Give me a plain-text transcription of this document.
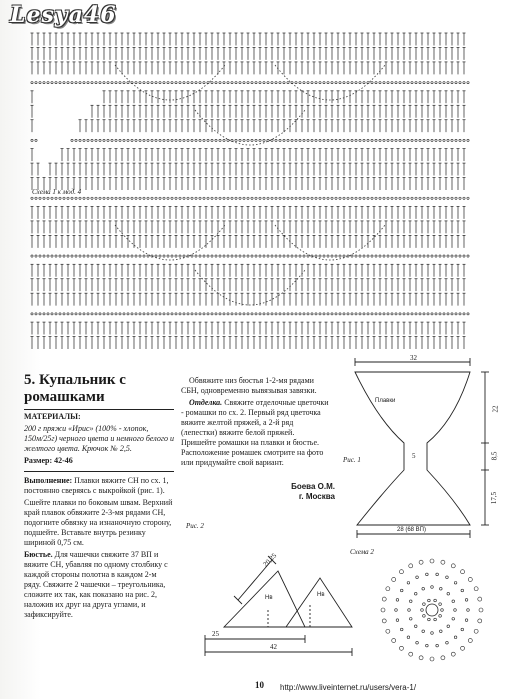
Lesya46
Схема 1 к мод. 4
5. Купальник с ромашками

МАТЕРИАЛЫ:

200 г пряжи «Ирис» (100% - хлопок, 150м/25г) черного цвета и немного белого и желтого цвета. Крючок № 2,5.

Размер: 42-46

Выполнение: Плавки вяжите СН по сх. 1, постоянно сверяясь с выкройкой (рис. 1).

Сшейте плавки по боковым швам. Верхний край плавок обвяжите 2-3-мя рядами СН, подогните обвязку на изнаночную сторону, подшейте. Вставьте внутрь резинку шириной 0,75 см.

Бюстье. Для чашечки свяжите 37 ВП и вяжите СН, убавляя по одному столбику с каждой стороны полотна в каждом 2-м ряду. Свяжите 2 чашечки – треугольника, сложите их так, как показано на рис. 2, наложив их друг на друга углами, и зафиксируйте.

Обвяжите низ бюстья 1-2-мя рядами СБН, одновременно вывязывая завязки.

Отделка. Свяжите отделочные цветочки - ромашки по сх. 2. Первый ряд цветочка вяжите желтой пряжей, а 2-й ряд (лепестки) вяжите белой пряжей. Пришейте ромашки на плавки и бюстье. Расположение ромашек смотрите на фото или придумайте свой вариант.

Боева О.М.
г. Москва
32
Плавки
5
22
8,5
17,5
28 (68 ВП)
Рис. 1
Рис. 2
20,25
Нв	Нв
25
42
Схема 2
10 http://www.liveinternet.ru/users/vera-1/
